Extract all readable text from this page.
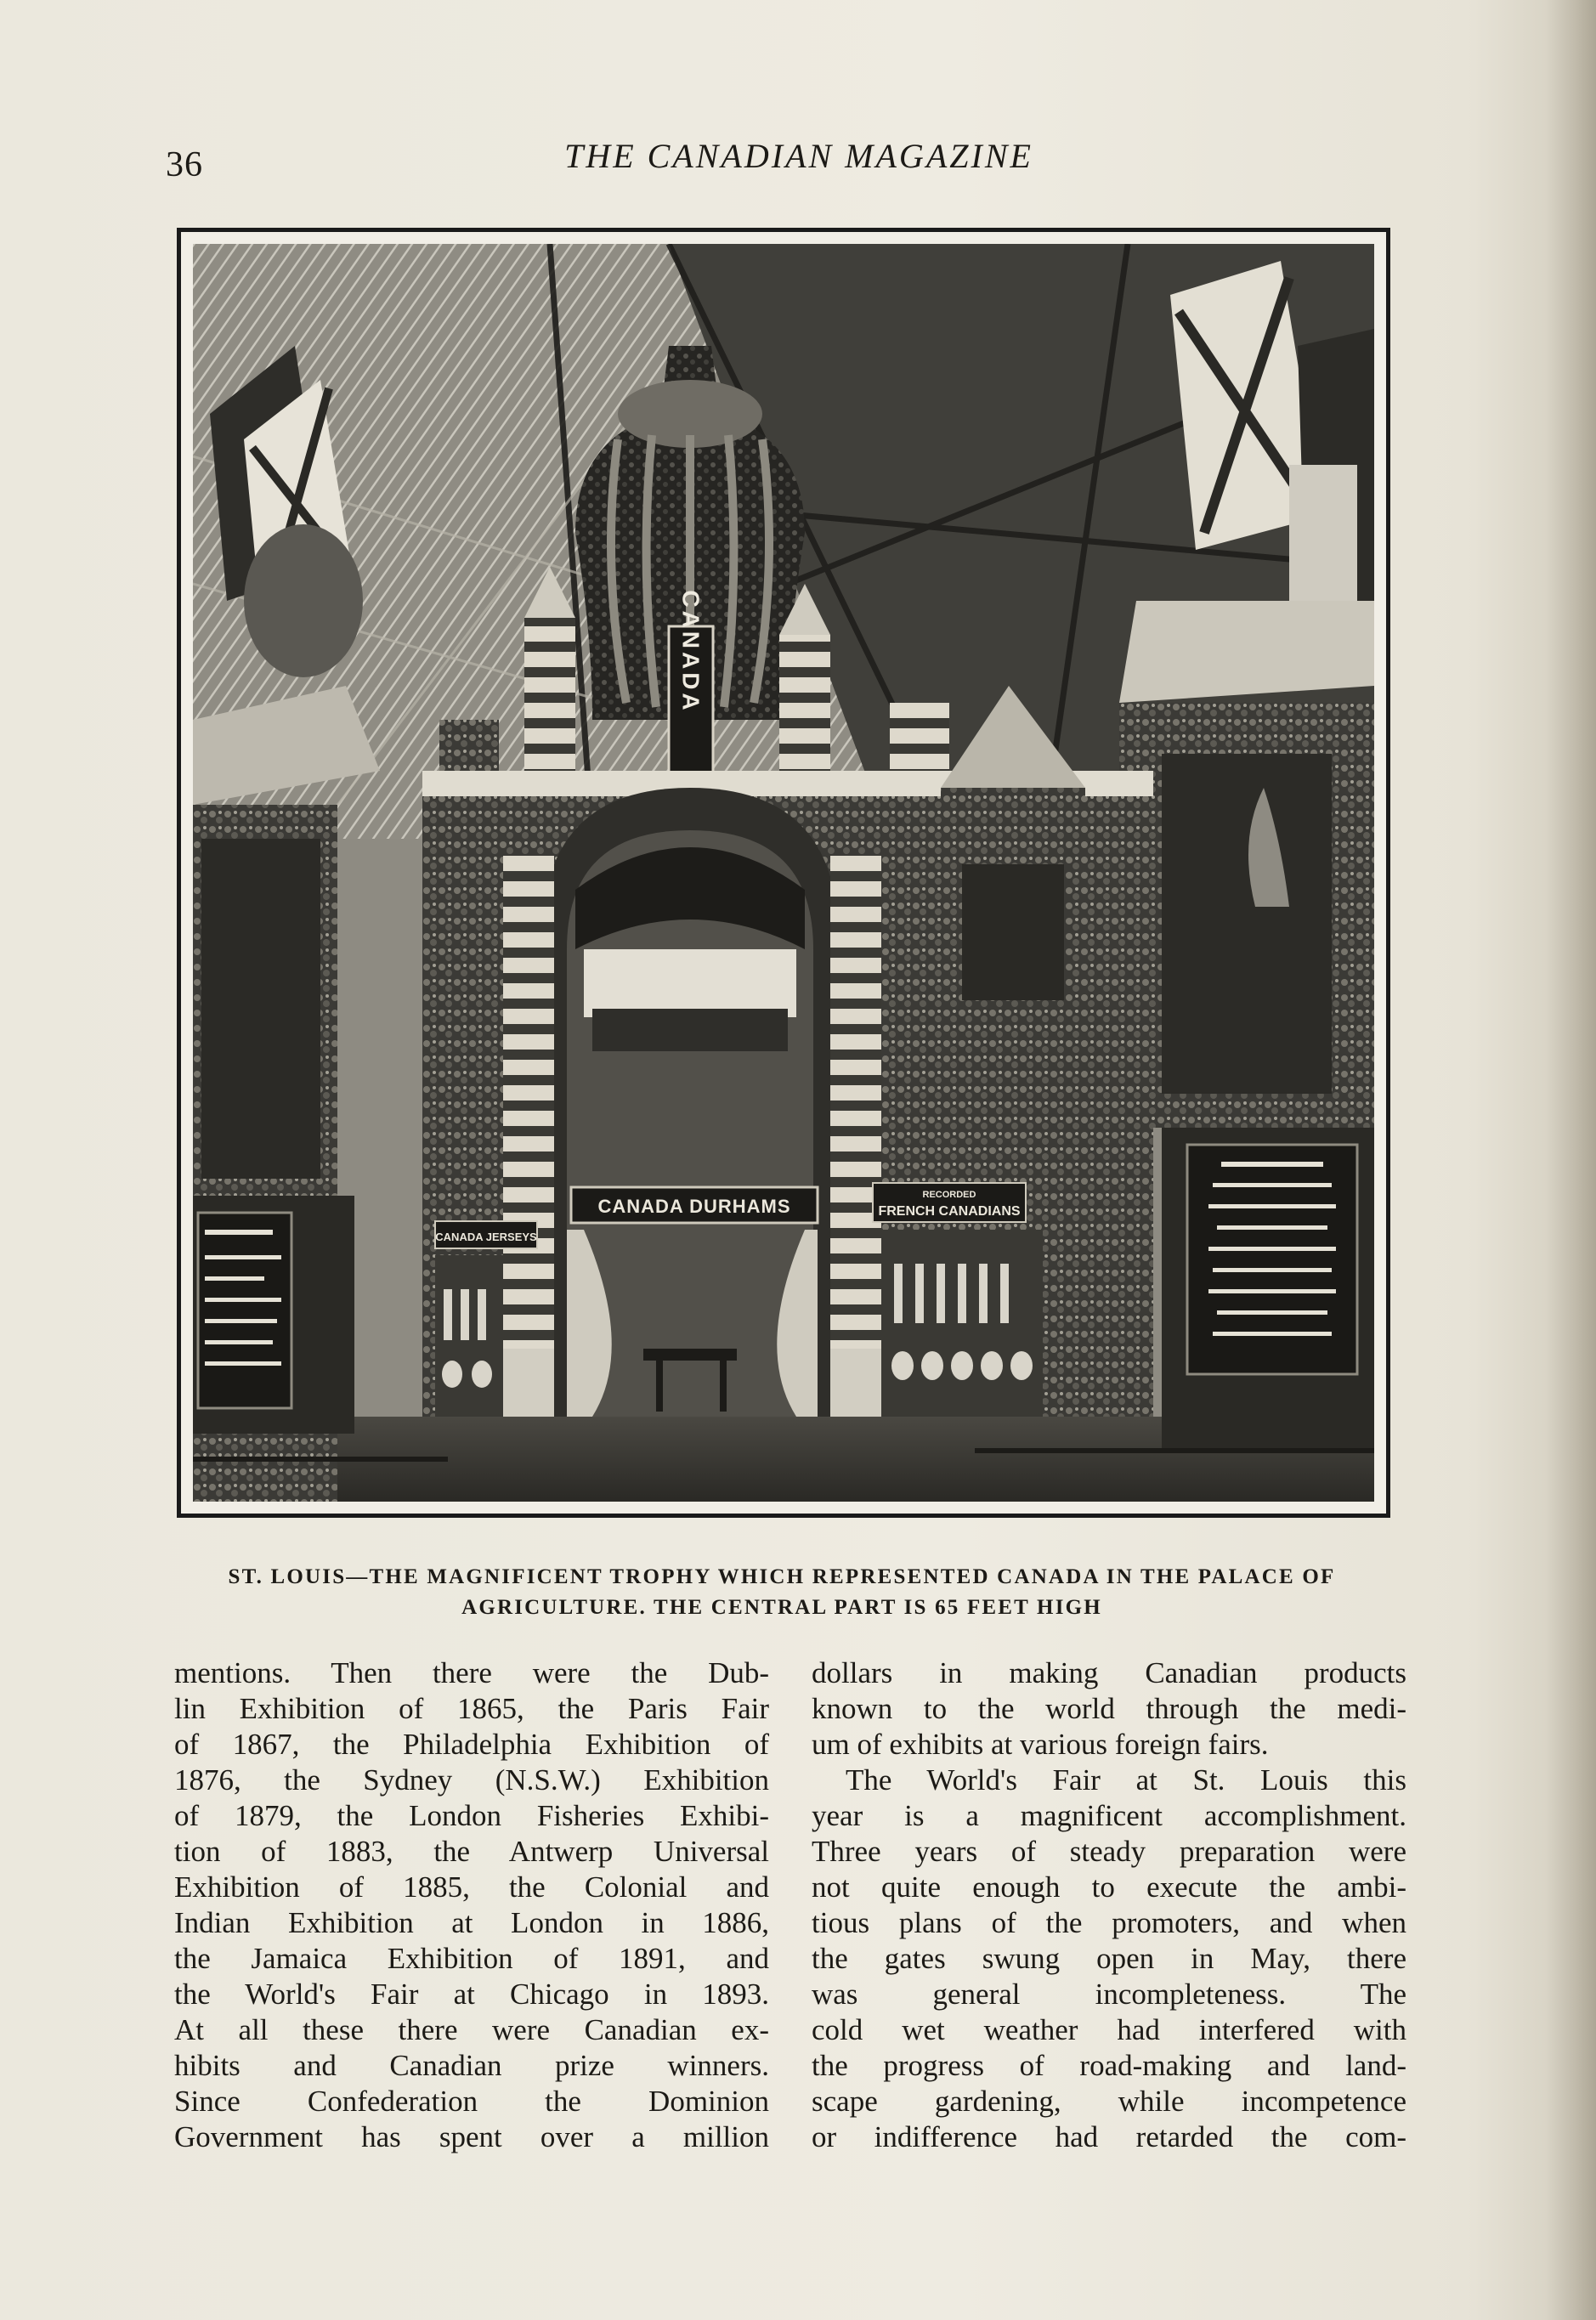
36	THE CANADIAN MAGAZINE
CANADA
CANADA DURHAMS
CANADA JERSEYS
RECORDED
FRENCH CANADIANS
ST. LOUIS—THE MAGNIFICENT TROPHY WHICH REPRESENTED CANADA IN THE PALACE OF
AGRICULTURE. THE CENTRAL PART IS 65 FEET HIGH
mentions. Then there were the Dub-
lin Exhibition of 1865, the Paris Fair
of 1867, the Philadelphia Exhibition of
1876, the Sydney (N.S.W.) Exhibition
of 1879, the London Fisheries Exhibi-
tion of 1883, the Antwerp Universal
Exhibition of 1885, the Colonial and
Indian Exhibition at London in 1886,
the Jamaica Exhibition of 1891, and
the World's Fair at Chicago in 1893.
At all these there were Canadian ex-
hibits and Canadian prize winners.
Since Confederation the Dominion
Government has spent over a million
dollars in making Canadian products
known to the world through the medi-
um of exhibits at various foreign fairs.
The World's Fair at St. Louis this
year is a magnificent accomplishment.
Three years of steady preparation were
not quite enough to execute the ambi-
tious plans of the promoters, and when
the gates swung open in May, there
was general incompleteness. The
cold wet weather had interfered with
the progress of road-making and land-
scape gardening, while incompetence
or indifference had retarded the com-
